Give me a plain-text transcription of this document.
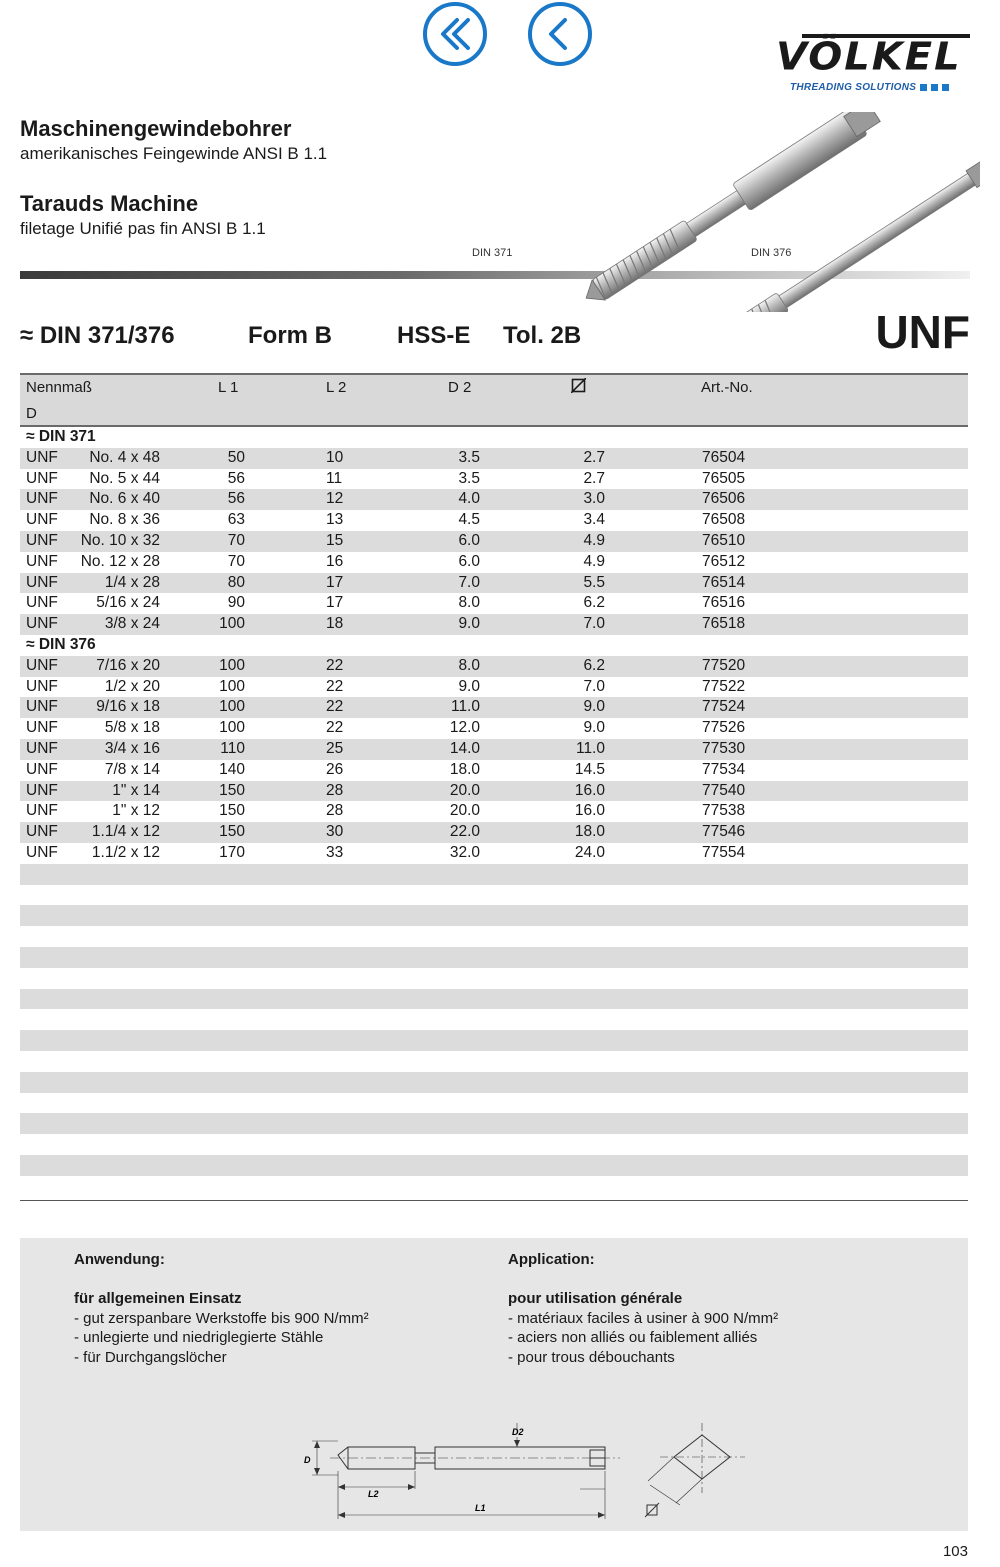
VÖLKEL
THREADING SOLUTIONS
Maschinengewindebohrer
amerikanisches Feingewinde ANSI B 1.1
Tarauds Machine
filetage Unifié pas fin ANSI B 1.1
DIN 371	DIN 376
≈ DIN 371/376	Form B	HSS-E Tol. 2B	UNF
Nennmaß
D
L 1	L 2	D 2	Art.-No.
≈ DIN 371
UNF	No. 4 x 48	50	10	3.5	2.7	76504
UNF	No. 5 x 44	56	11	3.5	2.7	76505
UNF	No. 6 x 40	56	12	4.0	3.0	76506
UNF	No. 8 x 36	63	13	4.5	3.4	76508
UNF No. 10 x 32	70	15	6.0	4.9	76510
UNF No. 12 x 28	70	16	6.0	4.9	76512
UNF	1/4 x 28	80	17	7.0	5.5	76514
UNF	5/16 x 24	90	17	8.0	6.2	76516
UNF	3/8 x 24	100	18	9.0	7.0	76518
≈ DIN 376
UNF	7/16 x 20	100	22	8.0	6.2	77520
UNF	1/2 x 20	100	22	9.0	7.0	77522
UNF	9/16 x 18	100	22	11.0	9.0	77524
UNF	5/8 x 18	100	22	12.0	9.0	77526
UNF	3/4 x 16	110	25	14.0	11.0	77530
UNF	7/8 x 14	140	26	18.0	14.5	77534
UNF	1" x 14	150	28	20.0	16.0	77540
UNF	1" x 12	150	28	20.0	16.0	77538
UNF	1.1/4 x 12	150	30	22.0	18.0	77546
UNF	1.1/2 x 12	170	33	32.0	24.0	77554
Anwendung:
für allgemeinen Einsatz
- gut zerspanbare Werkstoffe bis 900 N/mm²
- unlegierte und niedriglegierte Stähle
- für Durchgangslöcher
Application:
pour utilisation générale
- matériaux faciles à usiner à 900 N/mm²
- aciers non alliés ou faiblement alliés
- pour trous débouchants
D
D2
L2
L1
103
